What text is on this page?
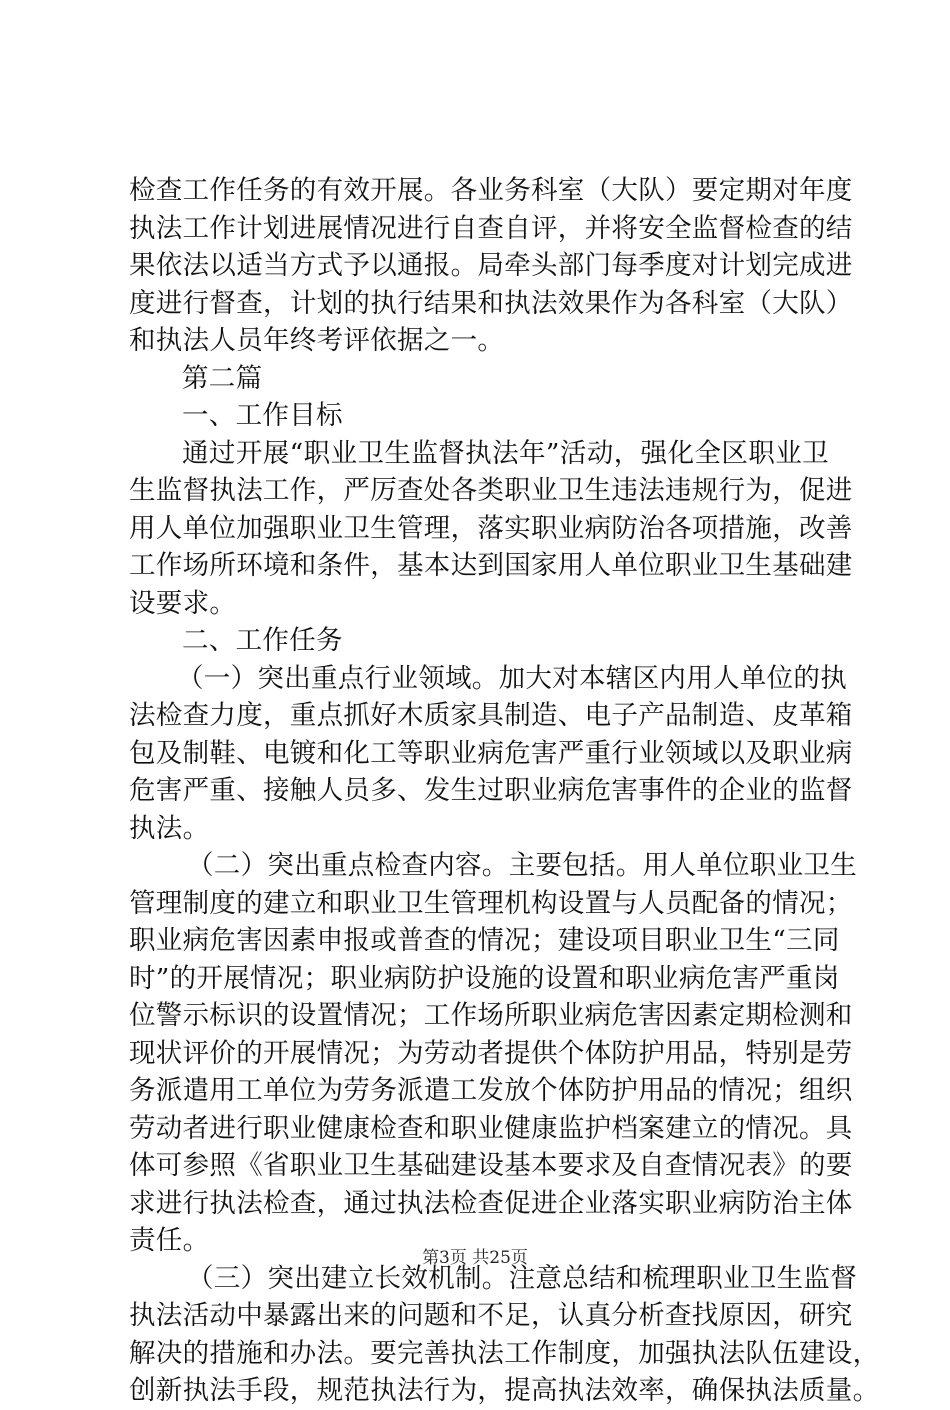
检查工作任务的有效开展。各业务科室（大队）要定期对年度
执法工作计划进展情况进行自查自评，并将安全监督检查的结
果依法以适当方式予以通报。局牵头部门每季度对计划完成进
度进行督查，计划的执行结果和执法效果作为各科室（大队）
和执法人员年终考评依据之一。
第二篇
一、工作目标
通过开展“职业卫生监督执法年”活动，强化全区职业卫
生监督执法工作，严厉查处各类职业卫生违法违规行为，促进
用人单位加强职业卫生管理，落实职业病防治各项措施，改善
工作场所环境和条件，基本达到国家用人单位职业卫生基础建
设要求。
二、工作任务
（一）突出重点行业领域。加大对本辖区内用人单位的执
法检查力度，重点抓好木质家具制造、电子产品制造、皮革箱
包及制鞋、电镀和化工等职业病危害严重行业领域以及职业病
危害严重、接触人员多、发生过职业病危害事件的企业的监督
执法。
（二）突出重点检查内容。主要包括。用人单位职业卫生
管理制度的建立和职业卫生管理机构设置与人员配备的情况；
职业病危害因素申报或普查的情况；建设项目职业卫生“三同
时”的开展情况；职业病防护设施的设置和职业病危害严重岗
位警示标识的设置情况；工作场所职业病危害因素定期检测和
现状评价的开展情况；为劳动者提供个体防护用品，特别是劳
务派遣用工单位为劳务派遣工发放个体防护用品的情况；组织
劳动者进行职业健康检查和职业健康监护档案建立的情况。具
体可参照《省职业卫生基础建设基本要求及自查情况表》的要
求进行执法检查，通过执法检查促进企业落实职业病防治主体
责任。
（三）突出建立长效机制。注意总结和梳理职业卫生监督
执法活动中暴露出来的问题和不足，认真分析查找原因，研究
解决的措施和办法。要完善执法工作制度，加强执法队伍建设，
创新执法手段，规范执法行为，提高执法效率，确保执法质量。
第3页 共25页
